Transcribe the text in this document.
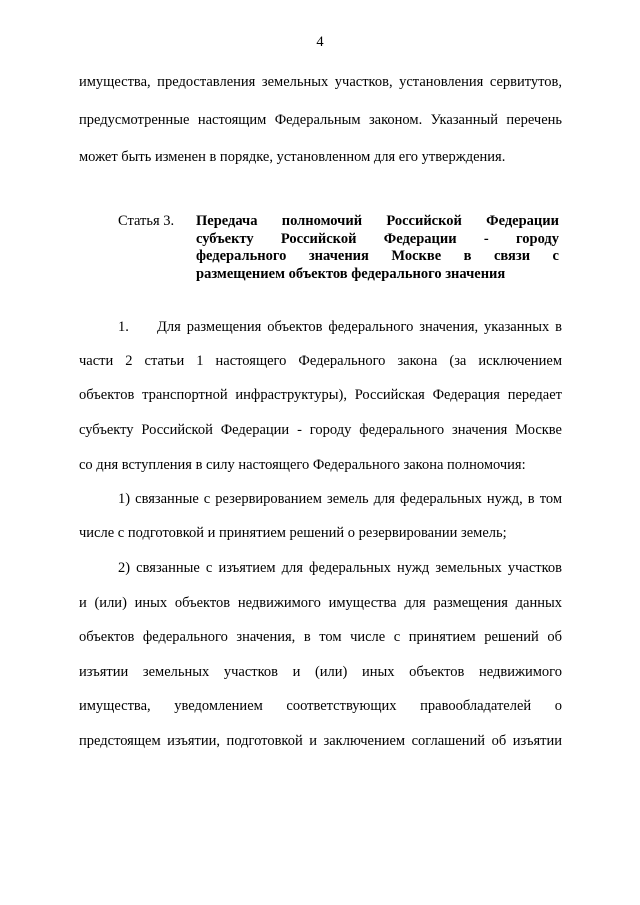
4
имущества, предоставления земельных участков, установления сервитутов,
предусмотренные настоящим Федеральным законом. Указанный перечень
может быть изменен в порядке, установленном для его утверждения.
Статья 3. Передача полномочий Российской Федерации
субъекту Российской Федерации - городу
федерального значения Москве в связи с
размещением объектов федерального значения
1. Для размещения объектов федерального значения, указанных в
части 2 статьи 1 настоящего Федерального закона (за исключением
объектов транспортной инфраструктуры), Российская Федерация передает
субъекту Российской Федерации - городу федерального значения Москве
со дня вступления в силу настоящего Федерального закона полномочия:
1) связанные с резервированием земель для федеральных нужд, в том
числе с подготовкой и принятием решений о резервировании земель;
2) связанные с изъятием для федеральных нужд земельных участков
и (или) иных объектов недвижимого имущества для размещения данных
объектов федерального значения, в том числе с принятием решений об
изъятии земельных участков и (или) иных объектов недвижимого
имущества, уведомлением соответствующих правообладателей о
предстоящем изъятии, подготовкой и заключением соглашений об изъятии
